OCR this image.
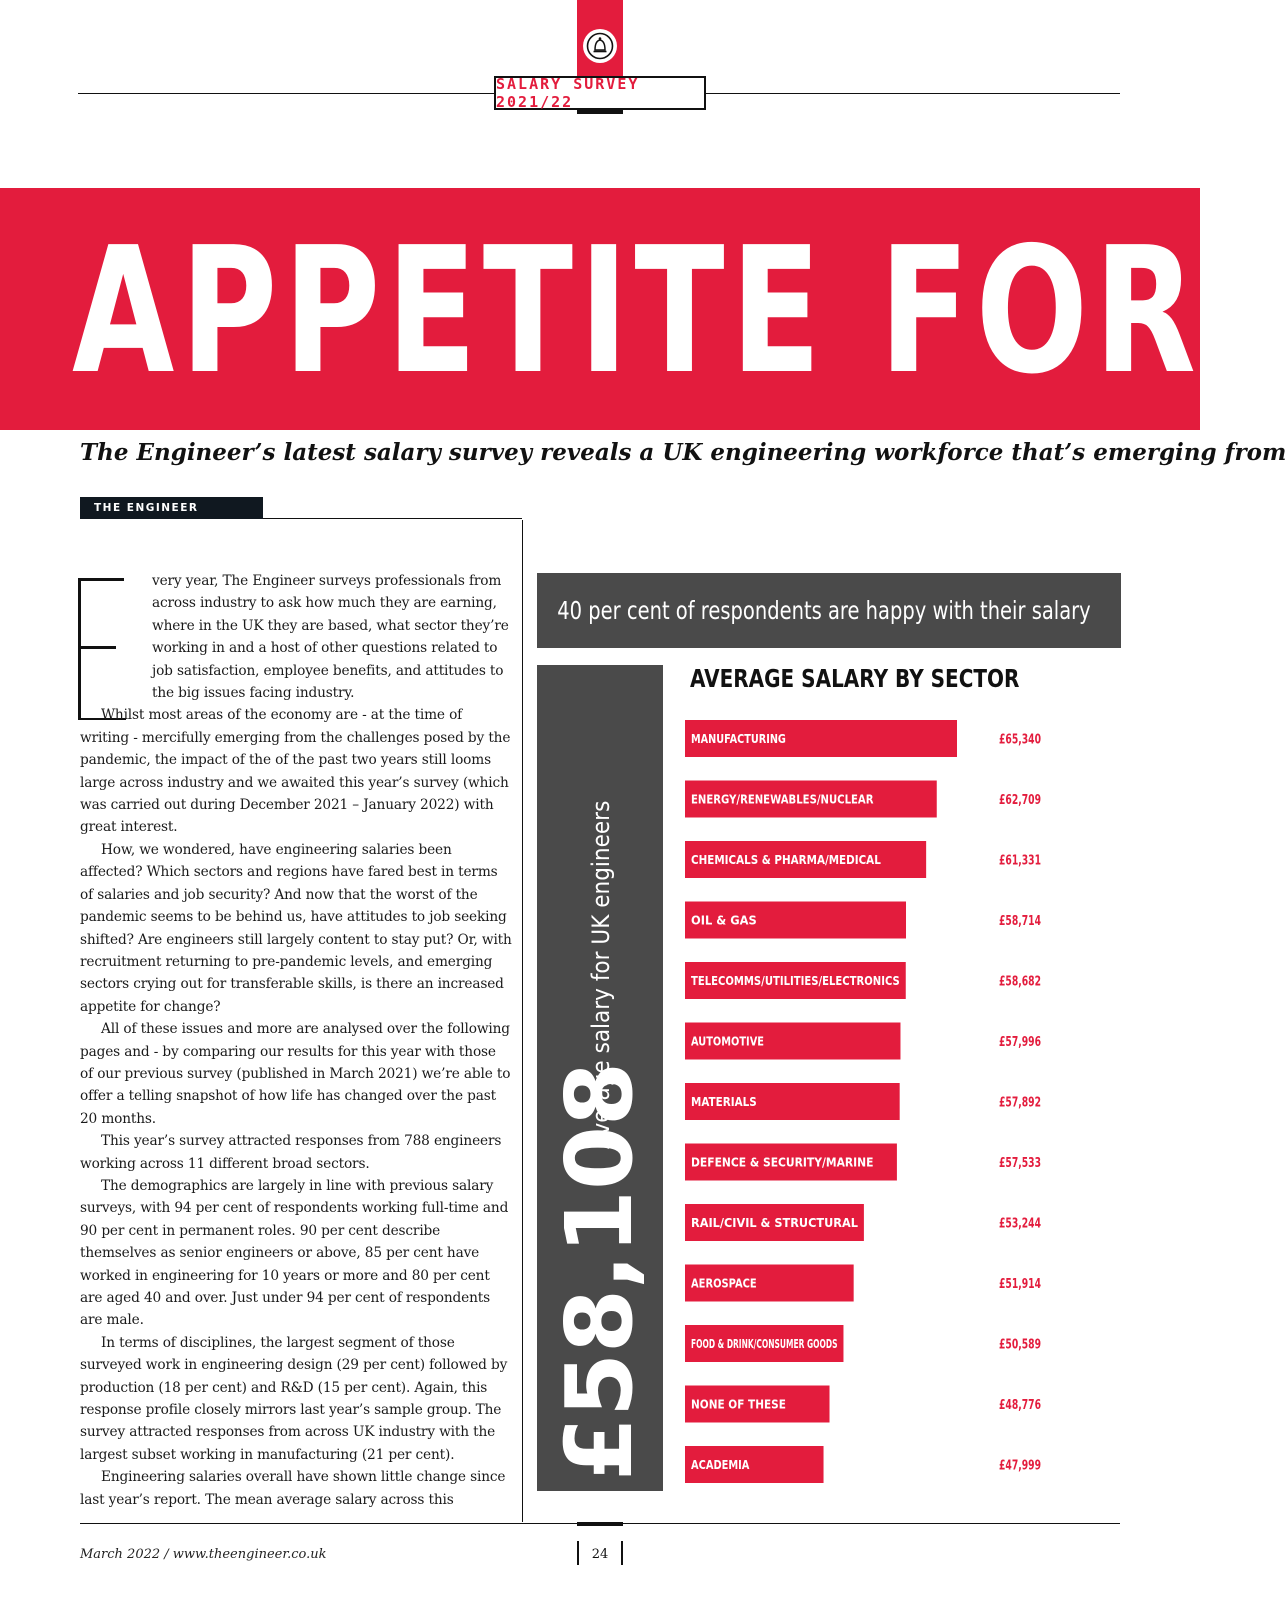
SALARY SURVEY 2021/22
APPETITE FOR
The Engineer’s latest salary survey reveals a UK engineering workforce that’s emerging from
THE ENGINEER REPORTS

very year, The Engineer surveys professionals from across industry to ask how much they are earning, where in the UK they are based, what sector they’re working in and a host of other questions related to job satisfaction, employee benefits, and attitudes to the big issues facing industry.

Whilst most areas of the economy are - at the time of writing - mercifully emerging from the challenges posed by the pandemic, the impact of the of the past two years still looms large across industry and we awaited this year’s survey (which was carried out during December 2021 – January 2022) with great interest.

How, we wondered, have engineering salaries been affected? Which sectors and regions have fared best in terms of salaries and job security? And now that the worst of the pandemic seems to be behind us, have attitudes to job seeking shifted? Are engineers still largely content to stay put? Or, with recruitment returning to pre-pandemic levels, and emerging sectors crying out for transferable skills, is there an increased appetite for change?

All of these issues and more are analysed over the following pages and - by comparing our results for this year with those of our previous survey (published in March 2021) we’re able to offer a telling snapshot of how life has changed over the past 20 months.

This year’s survey attracted responses from 788 engineers working across 11 different broad sectors.

The demographics are largely in line with previous salary surveys, with 94 per cent of respondents working full-time and 90 per cent in permanent roles. 90 per cent describe themselves as senior engineers or above, 85 per cent have worked in engineering for 10 years or more and 80 per cent are aged 40 and over. Just under 94 per cent of respondents are male.

In terms of disciplines, the largest segment of those surveyed work in engineering design (29 per cent) followed by production (18 per cent) and R&D (15 per cent). Again, this response profile closely mirrors last year’s sample group. The survey attracted responses from across UK industry with the largest subset working in manufacturing (21 per cent).

Engineering salaries overall have shown little change since last year’s report. The mean average salary across this

40 per cent of respondents are happy with their salary
£58,108
Average salary for UK engineers
AVERAGE SALARY BY SECTOR
MANUFACTURING	£65,340
ENERGY/RENEWABLES/NUCLEAR	£62,709
CHEMICALS & PHARMA/MEDICAL	£61,331
OIL & GAS	£58,714
TELECOMMS/UTILITIES/ELECTRONICS	£58,682
AUTOMOTIVE	£57,996
MATERIALS	£57,892
DEFENCE & SECURITY/MARINE	£57,533
RAIL/CIVIL & STRUCTURAL	£53,244
AEROSPACE	£51,914
FOOD & DRINK/CONSUMER GOODS	£50,589
NONE OF THESE	£48,776
ACADEMIA	£47,999
March 2022 / www.theengineer.co.uk	24
